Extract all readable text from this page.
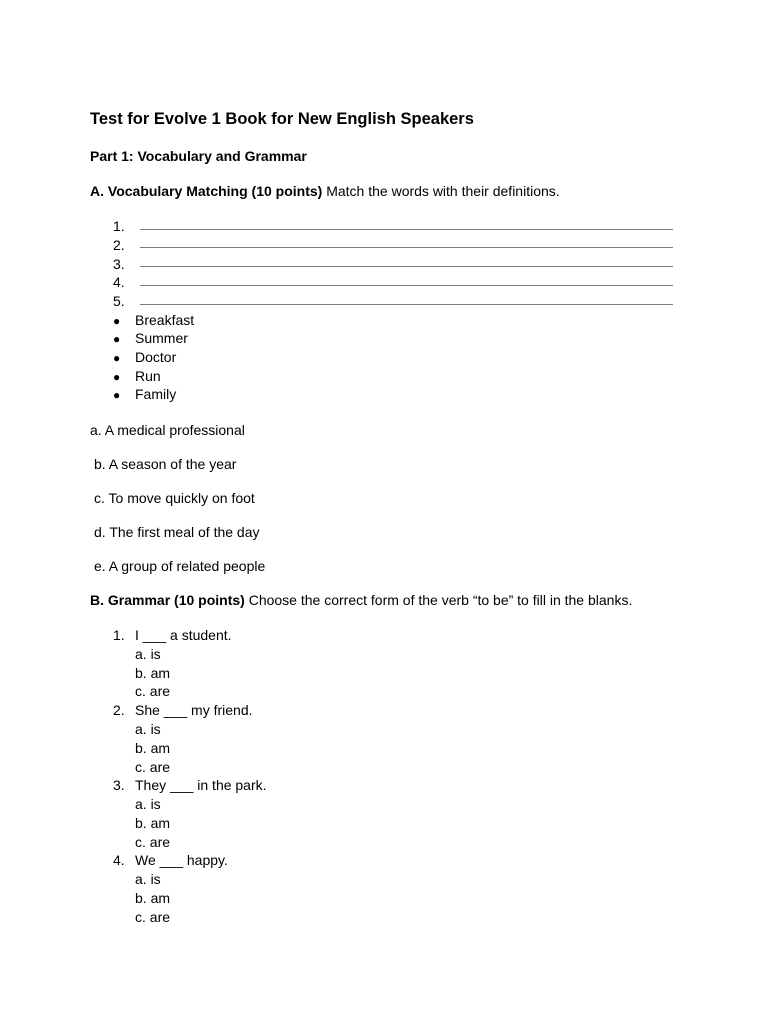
Test for Evolve 1 Book for New English Speakers
Part 1: Vocabulary and Grammar

A. Vocabulary Matching (10 points) Match the words with their definitions.

1.
2.
3.
4.
5.
● Breakfast
● Summer
● Doctor
● Run
● Family
a. A medical professional
b. A season of the year
c. To move quickly on foot
d. The first meal of the day
e. A group of related people

B. Grammar (10 points) Choose the correct form of the verb “to be” to fill in the blanks.

1. I ___ a student.
a. is
b. am
c. are
2. She ___ my friend.
a. is
b. am
c. are
3. They ___ in the park.
a. is
b. am
c. are
4. We ___ happy.
a. is
b. am
c. are
